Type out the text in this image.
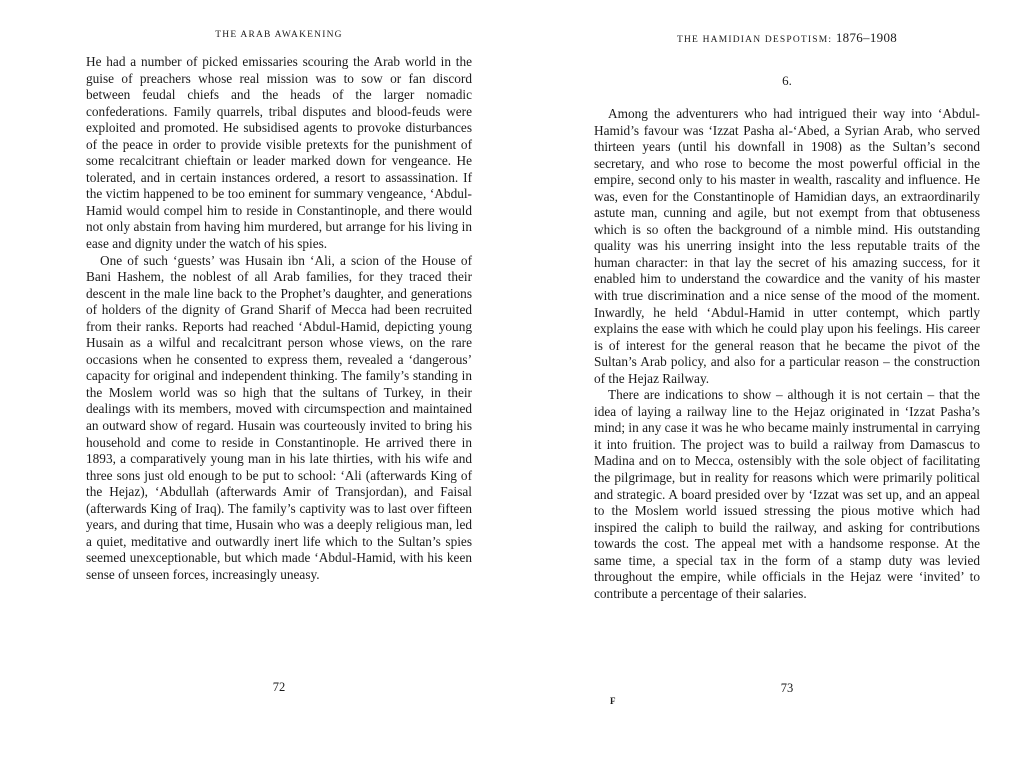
THE ARAB AWAKENING

He had a number of picked emissaries scouring the Arab world in the guise of preachers whose real mission was to sow or fan discord between feudal chiefs and the heads of the larger nomadic confederations. Family quarrels, tribal disputes and blood-feuds were exploited and promoted. He subsidised agents to provoke disturbances of the peace in order to provide visible pretexts for the punishment of some recalcitrant chieftain or leader marked down for vengeance. He tolerated, and in certain instances ordered, a resort to assassination. If the victim happened to be too eminent for summary vengeance, ‘Abdul-Hamid would compel him to reside in Constantinople, and there would not only abstain from having him murdered, but arrange for his living in ease and dignity under the watch of his spies.

One of such ‘guests’ was Husain ibn ‘Ali, a scion of the House of Bani Hashem, the noblest of all Arab families, for they traced their descent in the male line back to the Prophet’s daughter, and generations of holders of the dignity of Grand Sharif of Mecca had been recruited from their ranks. Reports had reached ‘Abdul-Hamid, depicting young Husain as a wilful and recalcitrant person whose views, on the rare occasions when he consented to express them, revealed a ‘dangerous’ capacity for original and independent thinking. The family’s standing in the Moslem world was so high that the sultans of Turkey, in their dealings with its members, moved with circumspection and maintained an outward show of regard. Husain was courteously invited to bring his household and come to reside in Constantinople. He arrived there in 1893, a comparatively young man in his late thirties, with his wife and three sons just old enough to be put to school: ‘Ali (afterwards King of the Hejaz), ‘Abdullah (afterwards Amir of Transjordan), and Faisal (afterwards King of Iraq). The family’s captivity was to last over fifteen years, and during that time, Husain who was a deeply religious man, led a quiet, meditative and outwardly inert life which to the Sultan’s spies seemed unexceptionable, but which made ‘Abdul-Hamid, with his keen sense of unseen forces, increasingly uneasy.

72
THE HAMIDIAN DESPOTISM: 1876–1908
6.

Among the adventurers who had intrigued their way into ‘Abdul-Hamid’s favour was ‘Izzat Pasha al-‘Abed, a Syrian Arab, who served thirteen years (until his downfall in 1908) as the Sultan’s second secretary, and who rose to become the most powerful official in the empire, second only to his master in wealth, rascality and influence. He was, even for the Constantinople of Hamidian days, an extraordinarily astute man, cunning and agile, but not exempt from that obtuseness which is so often the background of a nimble mind. His outstanding quality was his unerring insight into the less reputable traits of the human character: in that lay the secret of his amazing success, for it enabled him to understand the cowardice and the vanity of his master with true discrimination and a nice sense of the mood of the moment. Inwardly, he held ‘Abdul-Hamid in utter contempt, which partly explains the ease with which he could play upon his feelings. His career is of interest for the general reason that he became the pivot of the Sultan’s Arab policy, and also for a particular reason – the construction of the Hejaz Railway.

There are indications to show – although it is not certain – that the idea of laying a railway line to the Hejaz originated in ‘Izzat Pasha’s mind; in any case it was he who became mainly instrumental in carrying it into fruition. The project was to build a railway from Damascus to Madina and on to Mecca, ostensibly with the sole object of facilitating the pilgrimage, but in reality for reasons which were primarily political and strategic. A board presided over by ‘Izzat was set up, and an appeal to the Moslem world issued stressing the pious motive which had inspired the caliph to build the railway, and asking for contributions towards the cost. The appeal met with a handsome response. At the same time, a special tax in the form of a stamp duty was levied throughout the empire, while officials in the Hejaz were ‘invited’ to contribute a percentage of their salaries.

73
F
